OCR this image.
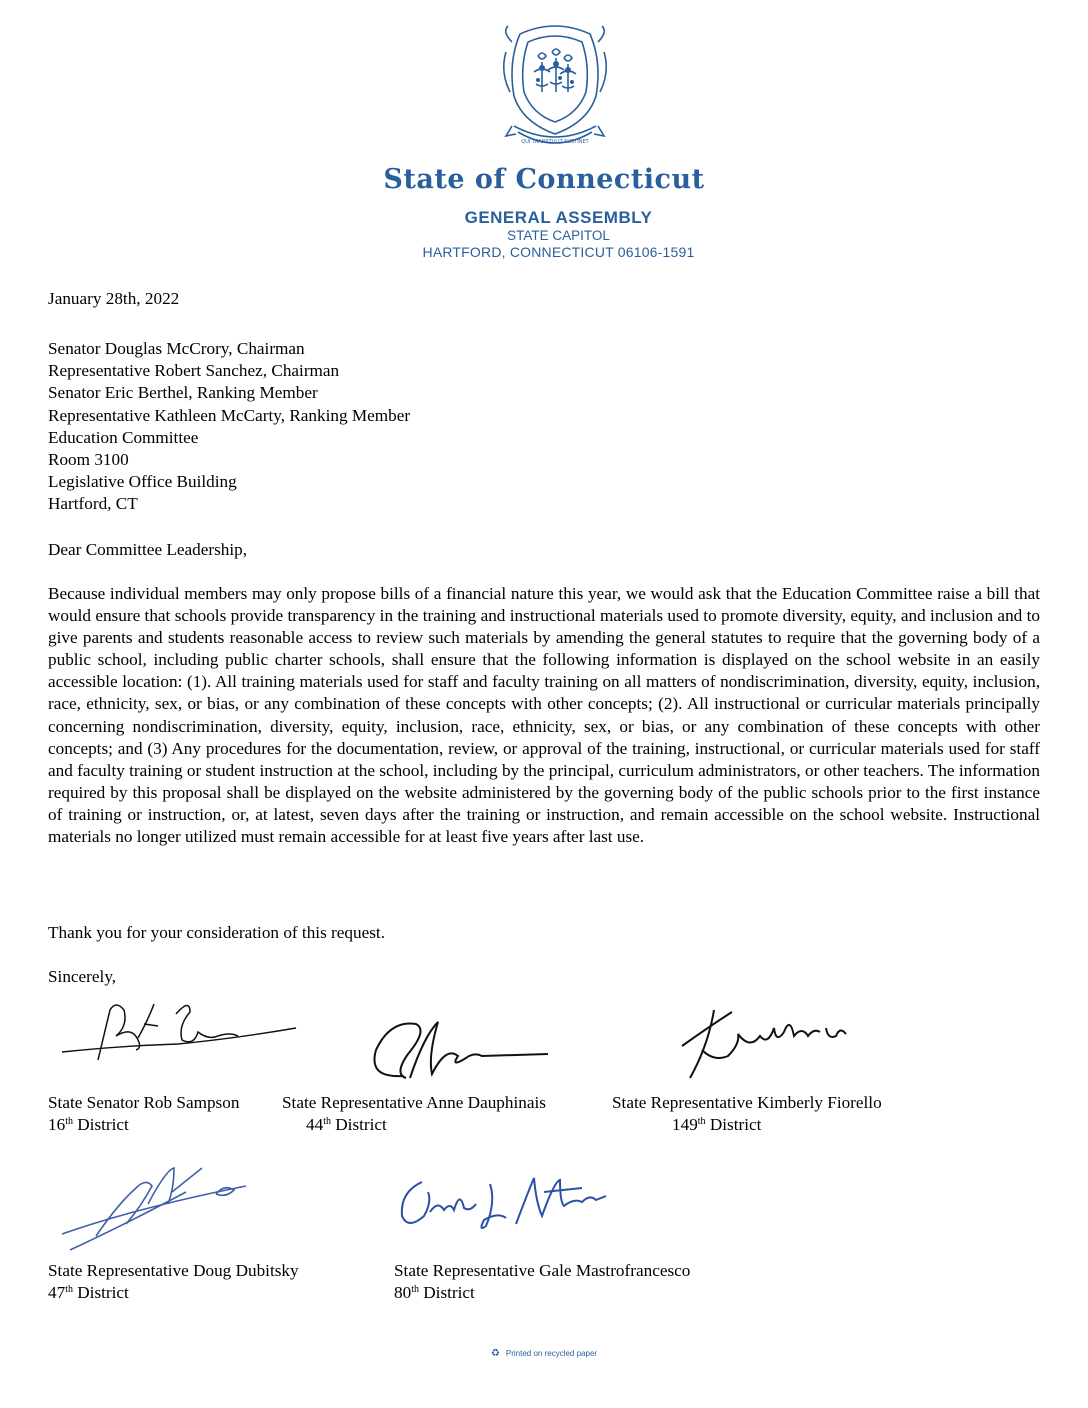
QUI TRANSTULIT SUSTINET
State of Connecticut
GENERAL ASSEMBLY
STATE CAPITOL
HARTFORD, CONNECTICUT 06106-1591
January 28th, 2022
Senator Douglas McCrory, Chairman
Representative Robert Sanchez, Chairman
Senator Eric Berthel, Ranking Member
Representative Kathleen McCarty, Ranking Member
Education Committee
Room 3100
Legislative Office Building
Hartford, CT
Dear Committee Leadership,
Because individual members may only propose bills of a financial nature this year, we would ask that the Education Committee raise a bill that would ensure that schools provide transparency in the training and instructional materials used to promote diversity, equity, and inclusion and to give parents and students reasonable access to review such materials by amending the general statutes to require that the governing body of a public school, including public charter schools, shall ensure that the following information is displayed on the school website in an easily accessible location: (1). All training materials used for staff and faculty training on all matters of nondiscrimination, diversity, equity, inclusion, race, ethnicity, sex, or bias, or any combination of these concepts with other concepts; (2). All instructional or curricular materials principally concerning nondiscrimination, diversity, equity, inclusion, race, ethnicity, sex, or bias, or any combination of these concepts with other concepts; and (3) Any procedures for the documentation, review, or approval of the training, instructional, or curricular materials used for staff and faculty training or student instruction at the school, including by the principal, curriculum administrators, or other teachers. The information required by this proposal shall be displayed on the website administered by the governing body of the public schools prior to the first instance of training or instruction, or, at latest, seven days after the training or instruction, and remain accessible on the school website. Instructional materials no longer utilized must remain accessible for at least five years after last use.
Thank you for your consideration of this request.
Sincerely,
State Senator Rob Sampson
16th District
State Representative Anne Dauphinais
44th District
State Representative Kimberly Fiorello
149th District
State Representative Doug Dubitsky
47th District
State Representative Gale Mastrofrancesco
80th District
♻ Printed on recycled paper
